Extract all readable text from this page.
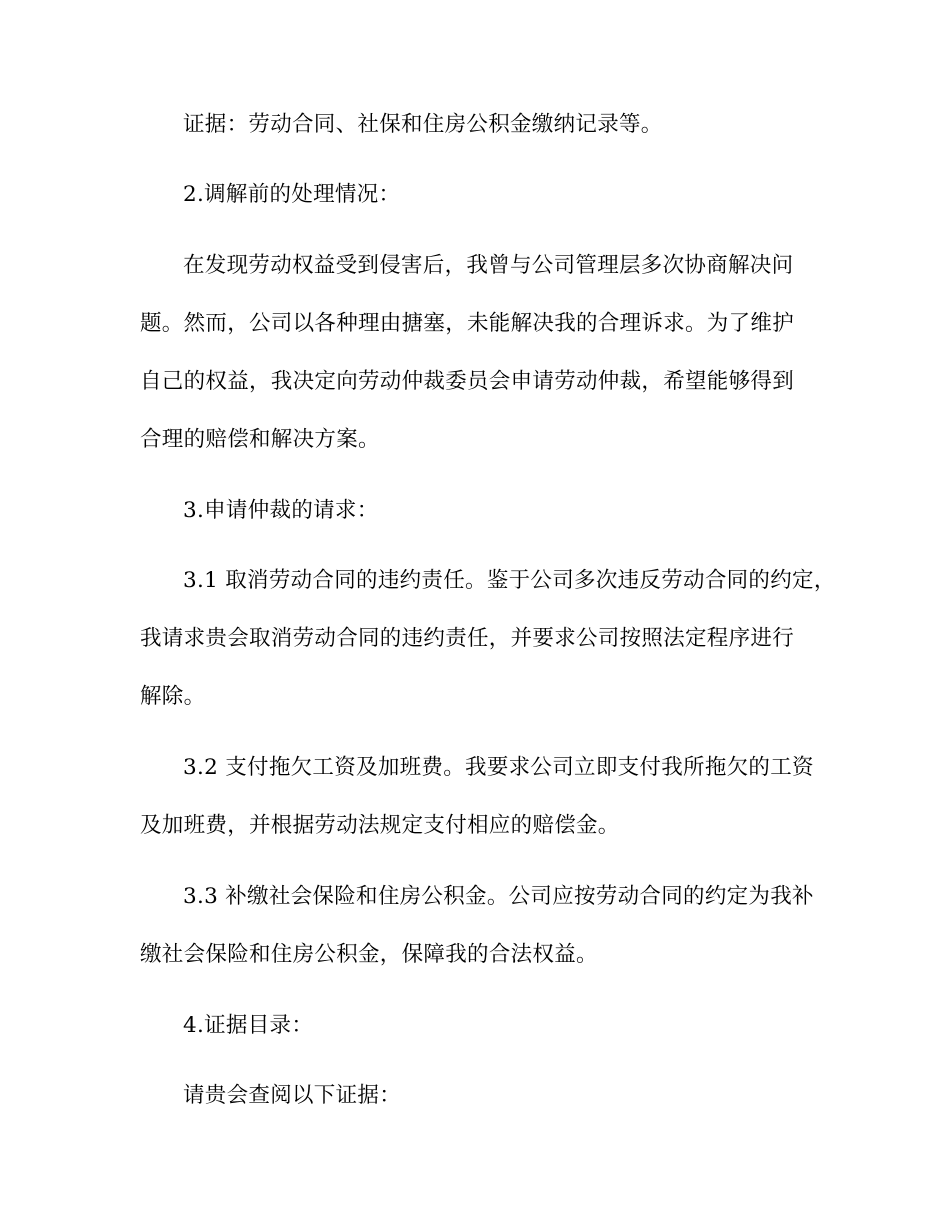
证据：劳动合同、社保和住房公积金缴纳记录等。
2.调解前的处理情况：
在发现劳动权益受到侵害后，我曾与公司管理层多次协商解决问
题。然而，公司以各种理由搪塞，未能解决我的合理诉求。为了维护
自己的权益，我决定向劳动仲裁委员会申请劳动仲裁，希望能够得到
合理的赔偿和解决方案。
3.申请仲裁的请求：
3.1 取消劳动合同的违约责任。鉴于公司多次违反劳动合同的约定，
我请求贵会取消劳动合同的违约责任，并要求公司按照法定程序进行
解除。
3.2 支付拖欠工资及加班费。我要求公司立即支付我所拖欠的工资
及加班费，并根据劳动法规定支付相应的赔偿金。
3.3 补缴社会保险和住房公积金。公司应按劳动合同的约定为我补
缴社会保险和住房公积金，保障我的合法权益。
4.证据目录：
请贵会查阅以下证据：
